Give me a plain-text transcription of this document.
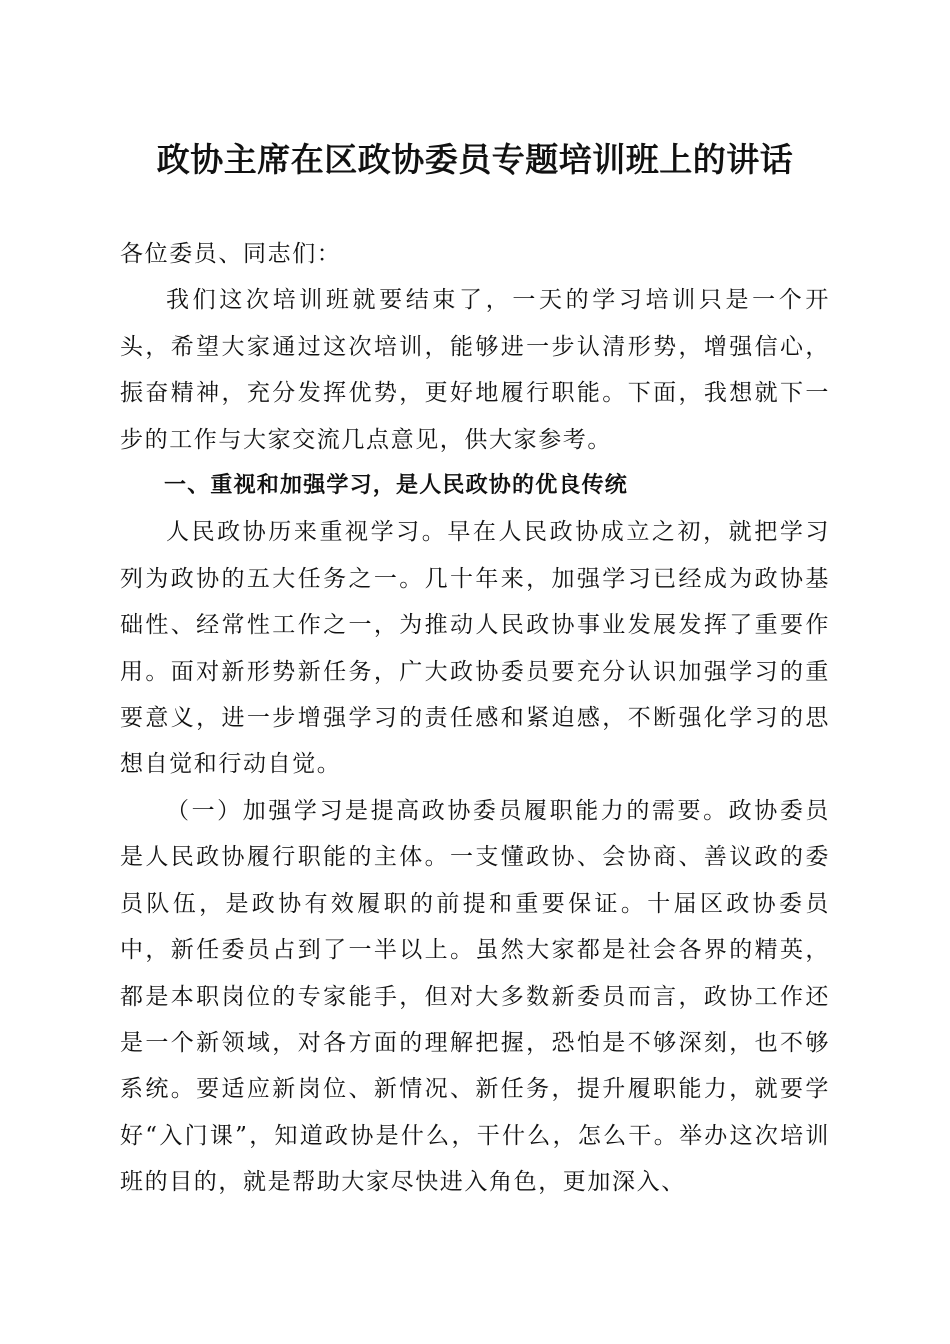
政协主席在区政协委员专题培训班上的讲话

各位委员、同志们：

我们这次培训班就要结束了，一天的学习培训只是一个开头，希望大家通过这次培训，能够进一步认清形势，增强信心，振奋精神，充分发挥优势，更好地履行职能。下面，我想就下一步的工作与大家交流几点意见，供大家参考。

一、重视和加强学习，是人民政协的优良传统

人民政协历来重视学习。早在人民政协成立之初，就把学习列为政协的五大任务之一。几十年来，加强学习已经成为政协基础性、经常性工作之一，为推动人民政协事业发展发挥了重要作用。面对新形势新任务，广大政协委员要充分认识加强学习的重要意义，进一步增强学习的责任感和紧迫感，不断强化学习的思想自觉和行动自觉。

（一）加强学习是提高政协委员履职能力的需要。政协委员是人民政协履行职能的主体。一支懂政协、会协商、善议政的委员队伍，是政协有效履职的前提和重要保证。十届区政协委员中，新任委员占到了一半以上。虽然大家都是社会各界的精英，都是本职岗位的专家能手，但对大多数新委员而言，政协工作还是一个新领域，对各方面的理解把握，恐怕是不够深刻，也不够系统。要适应新岗位、新情况、新任务，提升履职能力，就要学好“入门课”，知道政协是什么，干什么，怎么干。举办这次培训班的目的，就是帮助大家尽快进入角色，更加深入、
